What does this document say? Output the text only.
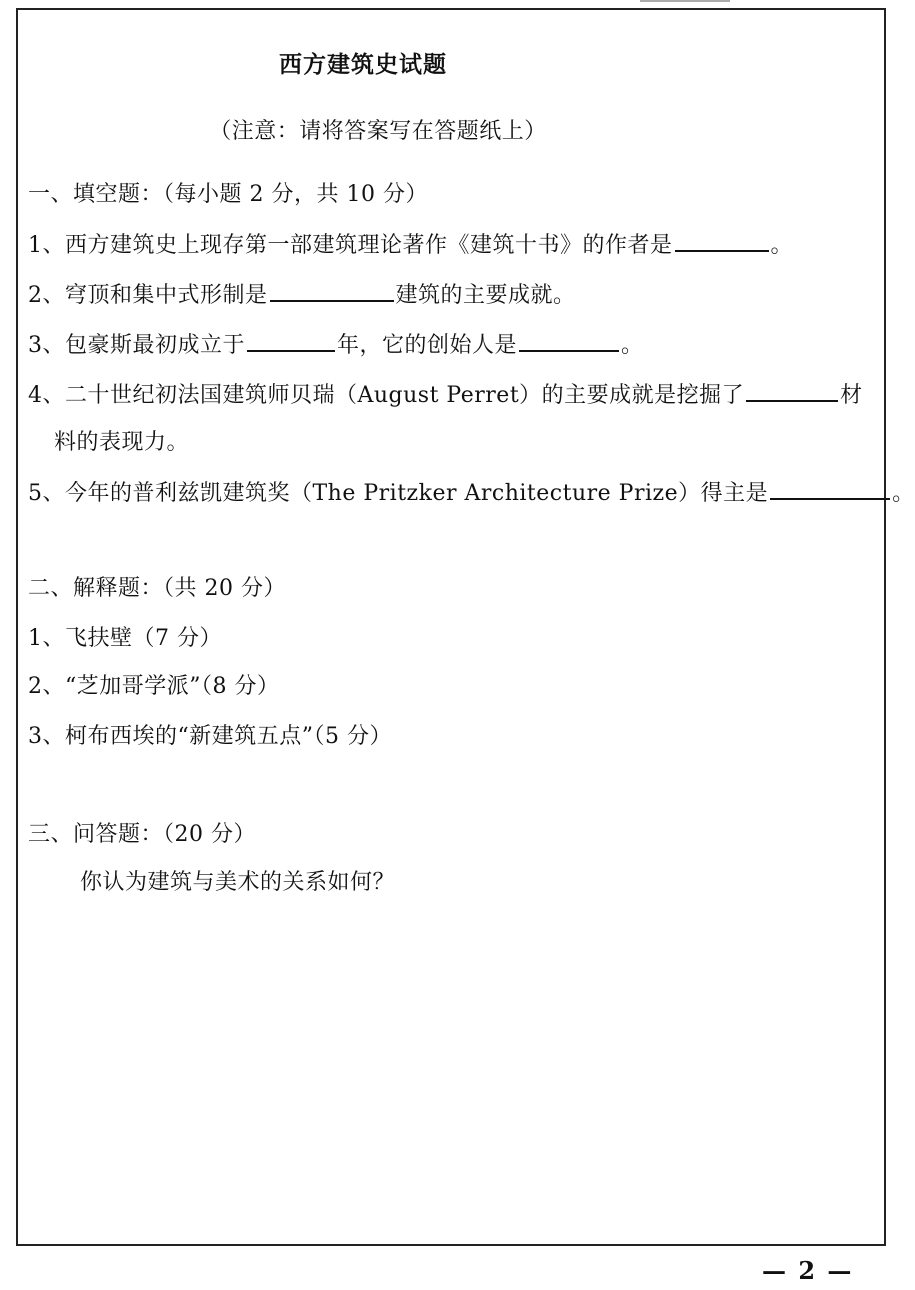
西方建筑史试题
（注意：请将答案写在答题纸上）
一、填空题：（每小题 2 分，共 10 分）
1、西方建筑史上现存第一部建筑理论著作《建筑十书》的作者是	。
2、穹顶和集中式形制是	建筑的主要成就。
3、包豪斯最初成立于	年，它的创始人是	。
4、二十世纪初法国建筑师贝瑞（August Perret）的主要成就是挖掘了	材
料的表现力。
5、今年的普利兹凯建筑奖（The Pritzker Architecture Prize）得主是	。
二、解释题：（共 20 分）
1、飞扶壁（7 分）
2、“芝加哥学派”（8 分）
3、柯布西埃的“新建筑五点”（5 分）
三、问答题：（20 分）
你认为建筑与美术的关系如何？
— 2 —
